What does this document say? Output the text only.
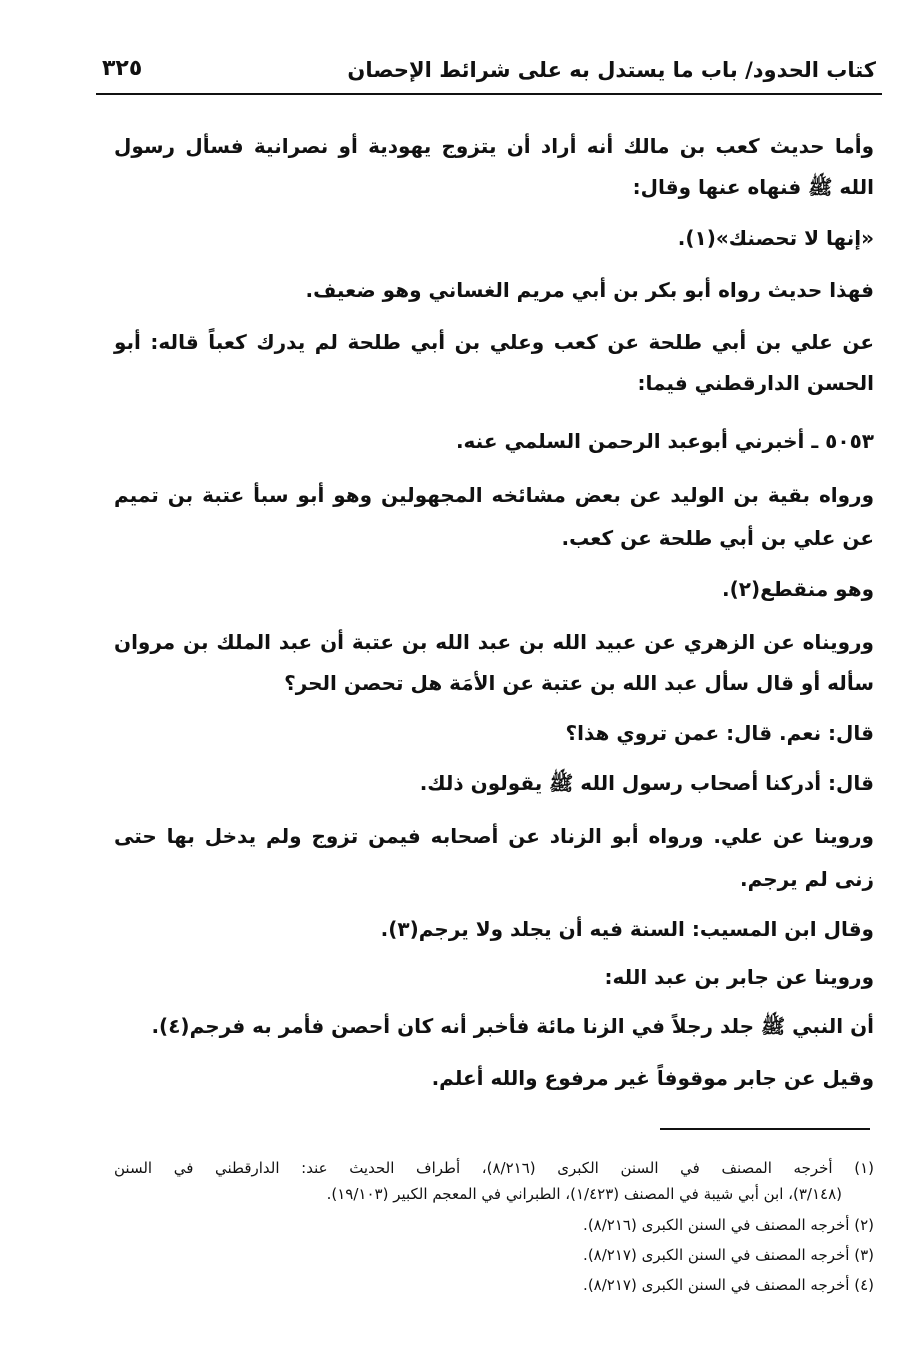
كتاب الحدود/ باب ما يستدل به على شرائط الإحصان
٣٢٥
وأما حديث كعب بن مالك أنه أراد أن يتزوج يهودية أو نصرانية فسأل رسول
الله ﷺ فنهاه عنها وقال:
«إنها لا تحصنك»(١).
فهذا حديث رواه أبو بكر بن أبي مريم الغساني وهو ضعيف.
عن علي بن أبي طلحة عن كعب وعلي بن أبي طلحة لم يدرك كعباً قاله: أبو
الحسن الدارقطني فيما:
٥٠٥٣ ـ أخبرني أبوعبد الرحمن السلمي عنه.
ورواه بقية بن الوليد عن بعض مشائخه المجهولين وهو أبو سبأ عتبة بن تميم
عن علي بن أبي طلحة عن كعب.
وهو منقطع(٢).
ورويناه عن الزهري عن عبيد الله بن عبد الله بن عتبة أن عبد الملك بن مروان
سأله أو قال سأل عبد الله بن عتبة عن الأمَة هل تحصن الحر؟
قال: نعم. قال: عمن تروي هذا؟
قال: أدركنا أصحاب رسول الله ﷺ يقولون ذلك.
وروينا عن علي. ورواه أبو الزناد عن أصحابه فيمن تزوج ولم يدخل بها حتى
زنى لم يرجم.
وقال ابن المسيب: السنة فيه أن يجلد ولا يرجم(٣).
وروينا عن جابر بن عبد الله:
أن النبي ﷺ جلد رجلاً في الزنا مائة فأخبر أنه كان أحصن فأمر به فرجم(٤).
وقيل عن جابر موقوفاً غير مرفوع والله أعلم.
(١) أخرجه المصنف في السنن الكبرى (٨/٢١٦)، أطراف الحديث عند: الدارقطني في السنن
(٣/١٤٨)، ابن أبي شيبة في المصنف (١/٤٢٣)، الطبراني في المعجم الكبير (١٩/١٠٣).
(٢) أخرجه المصنف في السنن الكبرى (٨/٢١٦).
(٣) أخرجه المصنف في السنن الكبرى (٨/٢١٧).
(٤) أخرجه المصنف في السنن الكبرى (٨/٢١٧).
